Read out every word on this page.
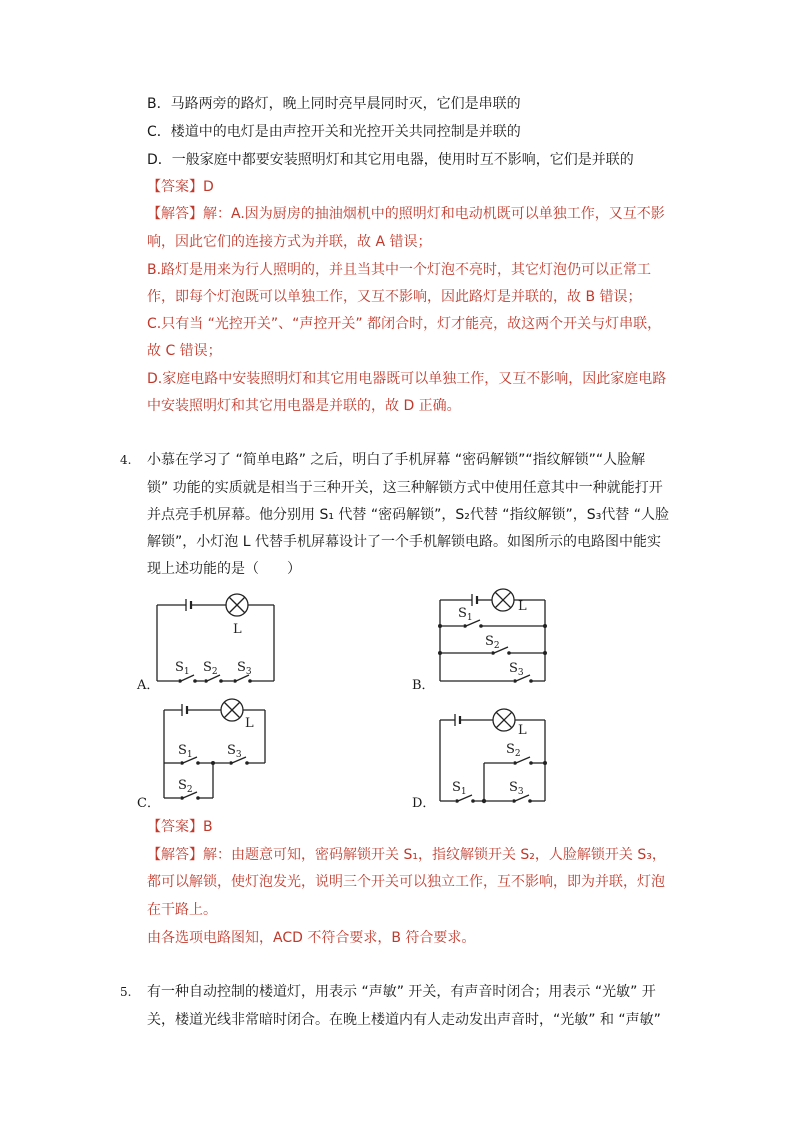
B．马路两旁的路灯，晚上同时亮早晨同时灭，它们是串联的
C．楼道中的电灯是由声控开关和光控开关共同控制是并联的
D．一般家庭中都要安装照明灯和其它用电器，使用时互不影响，它们是并联的
【答案】D
【解答】解：A.因为厨房的抽油烟机中的照明灯和电动机既可以单独工作，又互不影
响，因此它们的连接方式为并联，故 A 错误；
B.路灯是用来为行人照明的，并且当其中一个灯泡不亮时，其它灯泡仍可以正常工
作，即每个灯泡既可以单独工作，又互不影响，因此路灯是并联的，故 B 错误；
C.只有当 “光控开关”、“声控开关” 都闭合时，灯才能亮，故这两个开关与灯串联，
故 C 错误；
D.家庭电路中安装照明灯和其它用电器既可以单独工作，又互不影响，因此家庭电路
中安装照明灯和其它用电器是并联的，故 D 正确。
4. 小慕在学习了 “简单电路” 之后，明白了手机屏幕 “密码解锁”“指纹解锁”“人脸解
锁” 功能的实质就是相当于三种开关，这三种解锁方式中使用任意其中一种就能打开
并点亮手机屏幕。他分别用 S₁ 代替 “密码解锁”，S₂代替 “指纹解锁”，S₃代替 “人脸
解锁”，小灯泡 L 代替手机屏幕设计了一个手机解锁电路。如图所示的电路图中能实
现上述功能的是（　　）
L
$S_1$ $S_2$ $S_3$
L
$S_1$
$S_2$
$S_3$
L
$S_1$	$S_3$
$S_2$
L
$S_2$
$S_1$	$S_3$
A．	B．
C．	D．
【答案】B
【解答】解：由题意可知，密码解锁开关 S₁，指纹解锁开关 S₂，人脸解锁开关 S₃，
都可以解锁，使灯泡发光，说明三个开关可以独立工作，互不影响，即为并联，灯泡
在干路上。
由各选项电路图知，ACD 不符合要求，B 符合要求。
5. 有一种自动控制的楼道灯，用表示 “声敏” 开关，有声音时闭合；用表示 “光敏” 开
关，楼道光线非常暗时闭合。在晚上楼道内有人走动发出声音时，“光敏” 和 “声敏”
